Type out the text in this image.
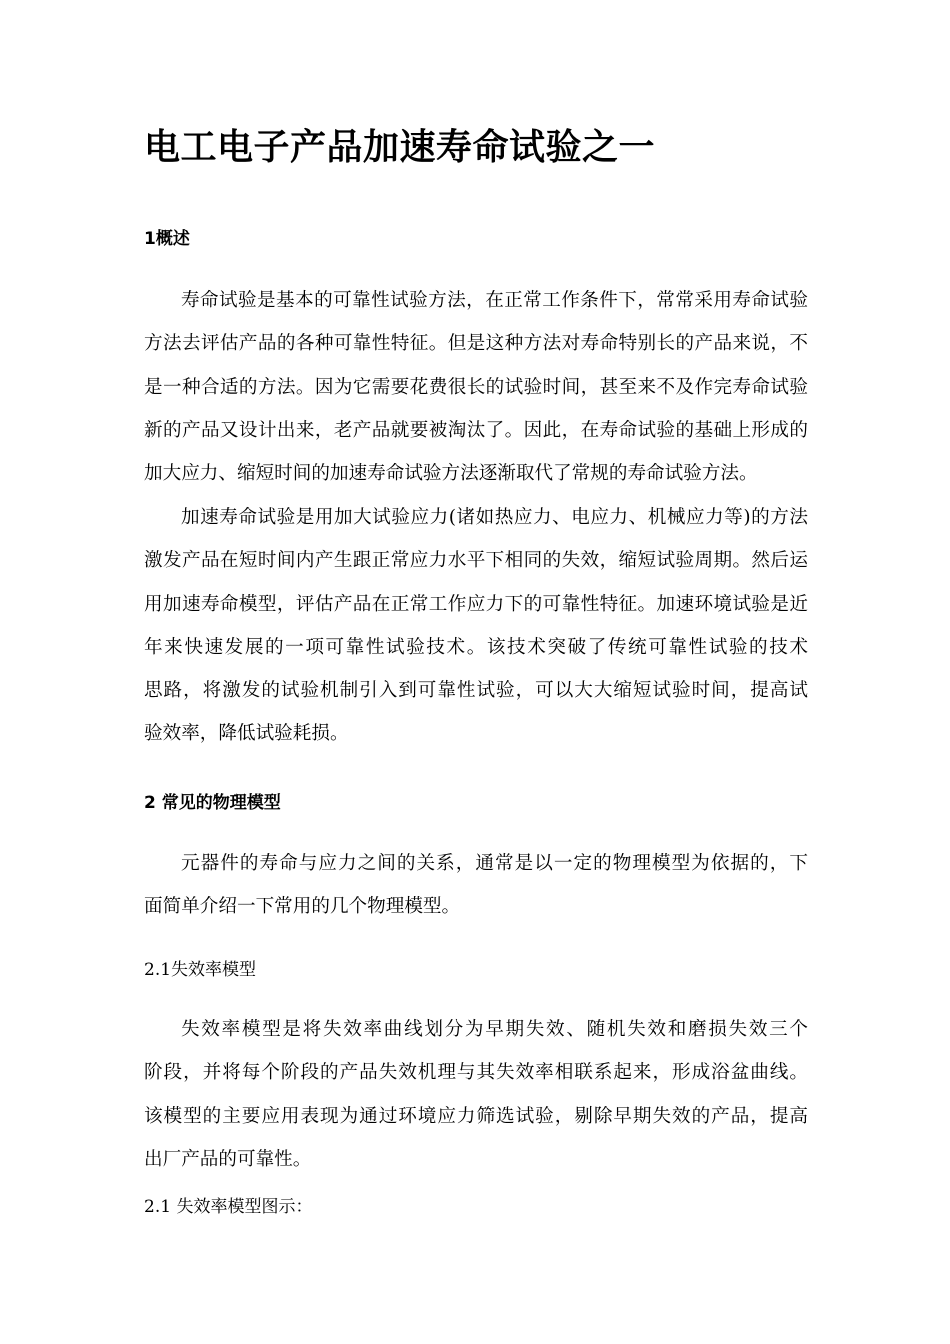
电工电子产品加速寿命试验之一
1概述

寿命试验是基本的可靠性试验方法，在正常工作条件下，常常采用寿命试验
方法去评估产品的各种可靠性特征。但是这种方法对寿命特别长的产品来说，不
是一种合适的方法。因为它需要花费很长的试验时间，甚至来不及作完寿命试验
新的产品又设计出来，老产品就要被淘汰了。因此，在寿命试验的基础上形成的
加大应力、缩短时间的加速寿命试验方法逐渐取代了常规的寿命试验方法。

加速寿命试验是用加大试验应力(诸如热应力、电应力、机械应力等)的方法
激发产品在短时间内产生跟正常应力水平下相同的失效，缩短试验周期。然后运
用加速寿命模型，评估产品在正常工作应力下的可靠性特征。加速环境试验是近
年来快速发展的一项可靠性试验技术。该技术突破了传统可靠性试验的技术
思路，将激发的试验机制引入到可靠性试验，可以大大缩短试验时间，提高试
验效率，降低试验耗损。

2 常见的物理模型

元器件的寿命与应力之间的关系，通常是以一定的物理模型为依据的，下
面简单介绍一下常用的几个物理模型。

2.1失效率模型

失效率模型是将失效率曲线划分为早期失效、随机失效和磨损失效三个
阶段，并将每个阶段的产品失效机理与其失效率相联系起来，形成浴盆曲线。
该模型的主要应用表现为通过环境应力筛选试验，剔除早期失效的产品，提高
出厂产品的可靠性。

2.1 失效率模型图示：
